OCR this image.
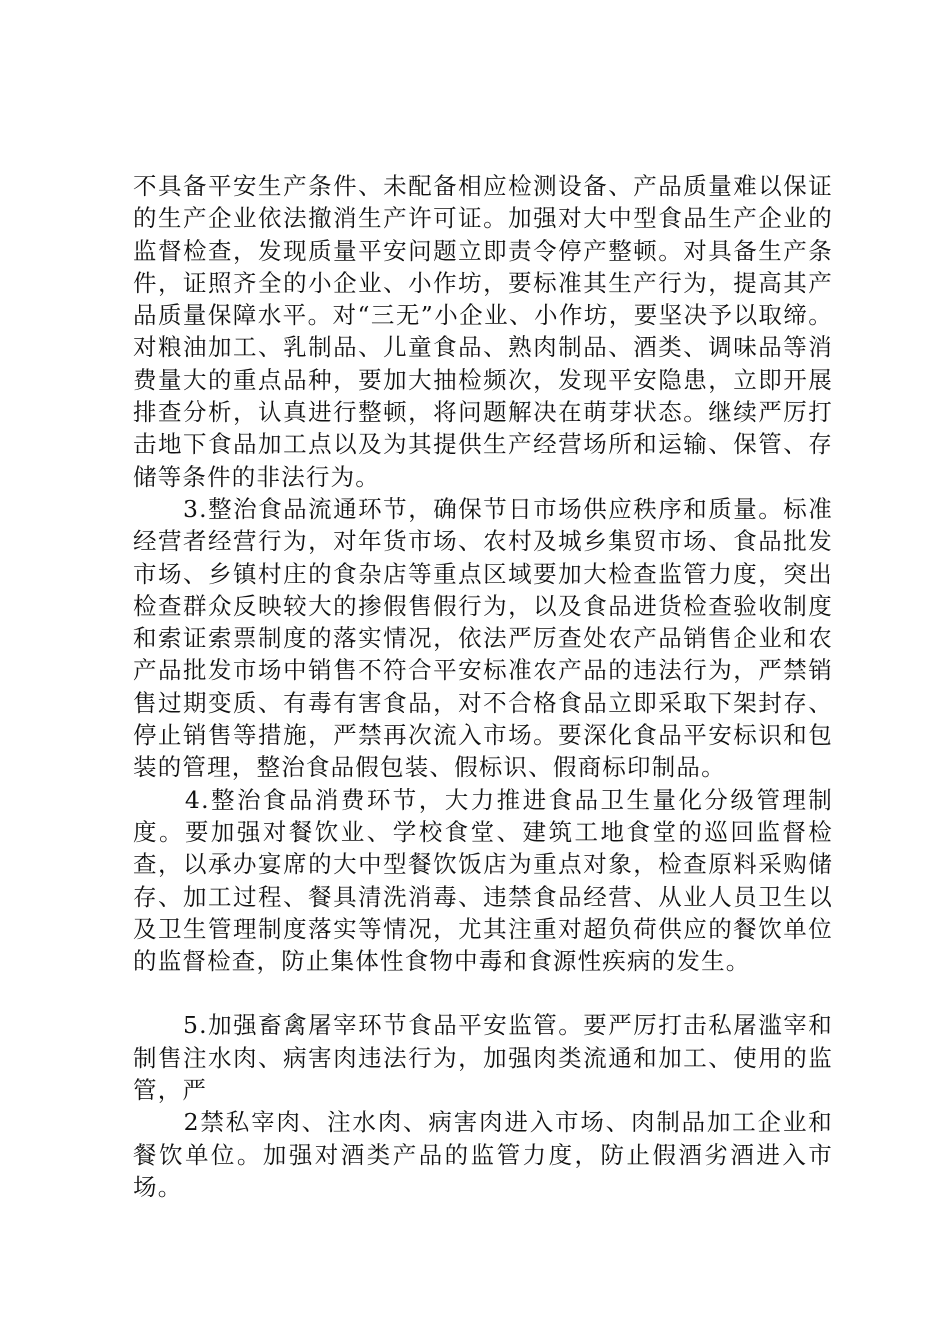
不具备平安生产条件、未配备相应检测设备、产品质量难以保证的生产企业依法撤消生产许可证。加强对大中型食品生产企业的监督检查，发现质量平安问题立即责令停产整顿。对具备生产条件，证照齐全的小企业、小作坊，要标准其生产行为，提高其产品质量保障水平。对“三无”小企业、小作坊，要坚决予以取缔。对粮油加工、乳制品、儿童食品、熟肉制品、酒类、调味品等消费量大的重点品种，要加大抽检频次，发现平安隐患，立即开展排查分析，认真进行整顿，将问题解决在萌芽状态。继续严厉打击地下食品加工点以及为其提供生产经营场所和运输、保管、存储等条件的非法行为。

　　3.整治食品流通环节，确保节日市场供应秩序和质量。标准经营者经营行为，对年货市场、农村及城乡集贸市场、食品批发市场、乡镇村庄的食杂店等重点区域要加大检查监管力度，突出检查群众反映较大的掺假售假行为，以及食品进货检查验收制度和索证索票制度的落实情况，依法严厉查处农产品销售企业和农产品批发市场中销售不符合平安标准农产品的违法行为，严禁销售过期变质、有毒有害食品，对不合格食品立即采取下架封存、停止销售等措施，严禁再次流入市场。要深化食品平安标识和包装的管理，整治食品假包装、假标识、假商标印制品。

　　4.整治食品消费环节，大力推进食品卫生量化分级管理制度。要加强对餐饮业、学校食堂、建筑工地食堂的巡回监督检查，以承办宴席的大中型餐饮饭店为重点对象，检查原料采购储存、加工过程、餐具清洗消毒、违禁食品经营、从业人员卫生以及卫生管理制度落实等情况，尤其注重对超负荷供应的餐饮单位的监督检查，防止集体性食物中毒和食源性疾病的发生。

　　5.加强畜禽屠宰环节食品平安监管。要严厉打击私屠滥宰和制售注水肉、病害肉违法行为，加强肉类流通和加工、使用的监管，严

　　2禁私宰肉、注水肉、病害肉进入市场、肉制品加工企业和餐饮单位。加强对酒类产品的监管力度，防止假酒劣酒进入市场。
